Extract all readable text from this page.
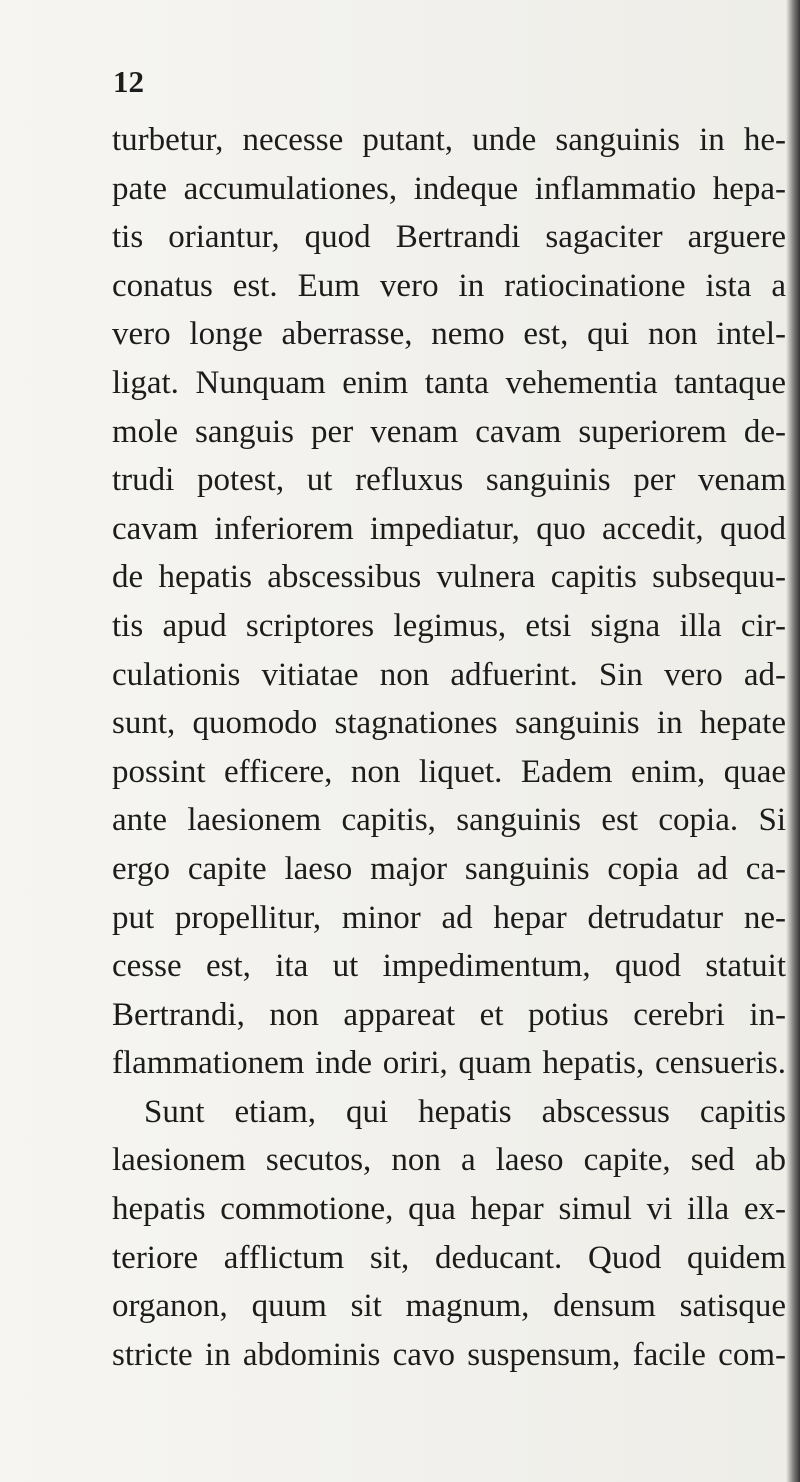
12
turbetur, necesse putant, unde sanguinis in he-
pate accumulationes, indeque inflammatio hepa-
tis oriantur, quod Bertrandi sagaciter arguere
conatus est. Eum vero in ratiocinatione ista a
vero longe aberrasse, nemo est, qui non intel-
ligat. Nunquam enim tanta vehementia tantaque
mole sanguis per venam cavam superiorem de-
trudi potest, ut refluxus sanguinis per venam
cavam inferiorem impediatur, quo accedit, quod
de hepatis abscessibus vulnera capitis subsequu-
tis apud scriptores legimus, etsi signa illa cir-
culationis vitiatae non adfuerint. Sin vero ad-
sunt, quomodo stagnationes sanguinis in hepate
possint efficere, non liquet. Eadem enim, quae
ante laesionem capitis, sanguinis est copia. Si
ergo capite laeso major sanguinis copia ad ca-
put propellitur, minor ad hepar detrudatur ne-
cesse est, ita ut impedimentum, quod statuit
Bertrandi, non appareat et potius cerebri in-
flammationem inde oriri, quam hepatis, censueris.
Sunt etiam, qui hepatis abscessus capitis
laesionem secutos, non a laeso capite, sed ab
hepatis commotione, qua hepar simul vi illa ex-
teriore afflictum sit, deducant. Quod quidem
organon, quum sit magnum, densum satisque
stricte in abdominis cavo suspensum, facile com-
